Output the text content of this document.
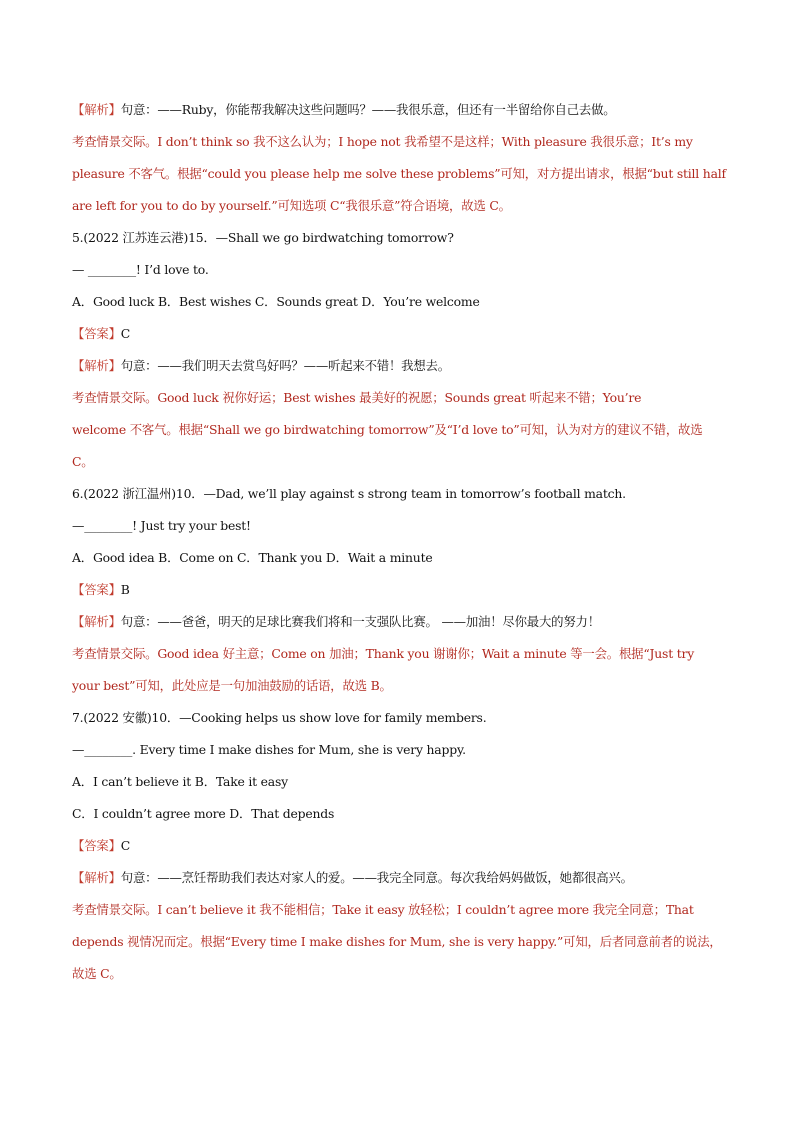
【解析】句意：——Ruby，你能帮我解决这些问题吗？——我很乐意，但还有一半留给你自己去做。
考查情景交际。I don’t think so 我不这么认为；I hope not 我希望不是这样；With pleasure 我很乐意；It’s my
pleasure 不客气。根据“could you please help me solve these problems”可知，对方提出请求，根据“but still half
are left for you to do by yourself.”可知选项 C“我很乐意”符合语境，故选 C。
5.(2022 江苏连云港)15．—Shall we go birdwatching tomorrow?
— ________! I’d love to.
A．Good luck B．Best wishes C．Sounds great D．You’re welcome
【答案】C
【解析】句意：——我们明天去赏鸟好吗？——听起来不错！我想去。
考查情景交际。Good luck 祝你好运；Best wishes 最美好的祝愿；Sounds great 听起来不错；You’re
welcome 不客气。根据“Shall we go birdwatching tomorrow”及“I’d love to”可知，认为对方的建议不错，故选
C。
6.(2022 浙江温州)10．—Dad, we’ll play against s strong team in tomorrow’s football match.
—________! Just try your best!
A．Good idea B．Come on C．Thank you D．Wait a minute
【答案】B
【解析】句意：——爸爸，明天的足球比赛我们将和一支强队比赛。 ——加油！尽你最大的努力！
考查情景交际。Good idea 好主意；Come on 加油；Thank you 谢谢你；Wait a minute 等一会。根据“Just try
your best”可知，此处应是一句加油鼓励的话语，故选 B。
7.(2022 安徽)10．—Cooking helps us show love for family members.
—________. Every time I make dishes for Mum, she is very happy.
A．I can’t believe it B．Take it easy
C．I couldn’t agree more D．That depends
【答案】C
【解析】句意：——烹饪帮助我们表达对家人的爱。——我完全同意。每次我给妈妈做饭，她都很高兴。
考查情景交际。I can’t believe it 我不能相信；Take it easy 放轻松；I couldn’t agree more 我完全同意；That
depends 视情况而定。根据“Every time I make dishes for Mum, she is very happy.”可知，后者同意前者的说法，
故选 C。
